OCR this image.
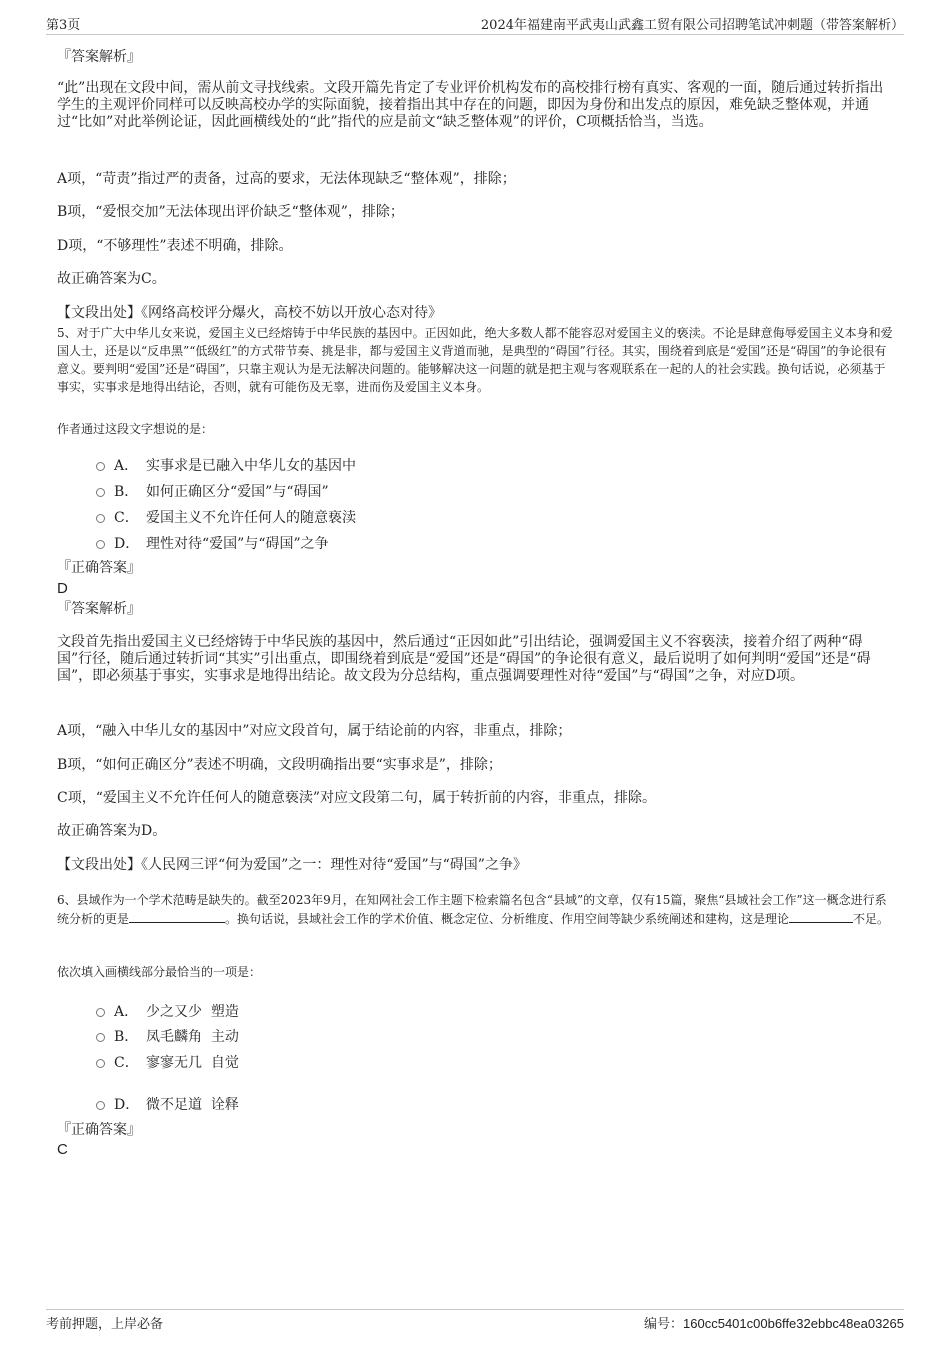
第3页	2024年福建南平武夷山武鑫工贸有限公司招聘笔试冲刺题（带答案解析）
『答案解析』

“此”出现在文段中间，需从前文寻找线索。文段开篇先肯定了专业评价机构发布的高校排行榜有真实、客观的一面，随后通过转折指出学生的主观评价同样可以反映高校办学的实际面貌，接着指出其中存在的问题，即因为身份和出发点的原因，难免缺乏整体观，并通过“比如”对此举例论证，因此画横线处的“此”指代的应是前文“缺乏整体观”的评价，C项概括恰当，当选。

A项，“苛责”指过严的责备，过高的要求，无法体现缺乏“整体观”，排除；
B项，“爱恨交加”无法体现出评价缺乏“整体观”，排除；
D项，“不够理性”表述不明确，排除。
故正确答案为C。
【文段出处】《网络高校评分爆火，高校不妨以开放心态对待》

5、对于广大中华儿女来说，爱国主义已经熔铸于中华民族的基因中。正因如此，绝大多数人都不能容忍对爱国主义的亵渎。不论是肆意侮辱爱国主义本身和爱国人士，还是以“反串黑”“低级红”的方式带节奏、挑是非，都与爱国主义背道而驰，是典型的“碍国”行径。其实，围绕着到底是“爱国”还是“碍国”的争论很有意义。要判明“爱国”还是“碍国”，只靠主观认为是无法解决问题的。能够解决这一问题的就是把主观与客观联系在一起的人的社会实践。换句话说，必须基于事实，实事求是地得出结论，否则，就有可能伤及无辜，进而伤及爱国主义本身。

作者通过这段文字想说的是：
A． 实事求是已融入中华儿女的基因中
B． 如何正确区分“爱国”与“碍国”
C． 爱国主义不允许任何人的随意亵渎
D． 理性对待“爱国”与“碍国”之争
『正确答案』
D
『答案解析』

文段首先指出爱国主义已经熔铸于中华民族的基因中，然后通过“正因如此”引出结论，强调爱国主义不容亵渎，接着介绍了两种“碍国”行径，随后通过转折词“其实”引出重点，即围绕着到底是“爱国”还是“碍国”的争论很有意义，最后说明了如何判明“爱国”还是“碍国”，即必须基于事实，实事求是地得出结论。故文段为分总结构，重点强调要理性对待“爱国”与“碍国”之争，对应D项。

A项，“融入中华儿女的基因中”对应文段首句，属于结论前的内容，非重点，排除；
B项，“如何正确区分”表述不明确，文段明确指出要“实事求是”，排除；
C项，“爱国主义不允许任何人的随意亵渎”对应文段第二句，属于转折前的内容，非重点，排除。
故正确答案为D。
【文段出处】《人民网三评“何为爱国”之一：理性对待“爱国”与“碍国”之争》

6、县域作为一个学术范畴是缺失的。截至2023年9月，在知网社会工作主题下检索篇名包含“县域”的文章，仅有15篇，聚焦“县域社会工作”这一概念进行系统分析的更是	。换句话说，县域社会工作的学术价值、概念定位、分析维度、作用空间等缺少系统阐述和建构，这是理论	不足。

依次填入画横线部分最恰当的一项是：
A． 少之又少  塑造
B． 凤毛麟角  主动
C． 寥寥无几  自觉
D． 微不足道  诠释
『正确答案』
C
考前押题，上岸必备	编号：160cc5401c00b6ffe32ebbc48ea03265
